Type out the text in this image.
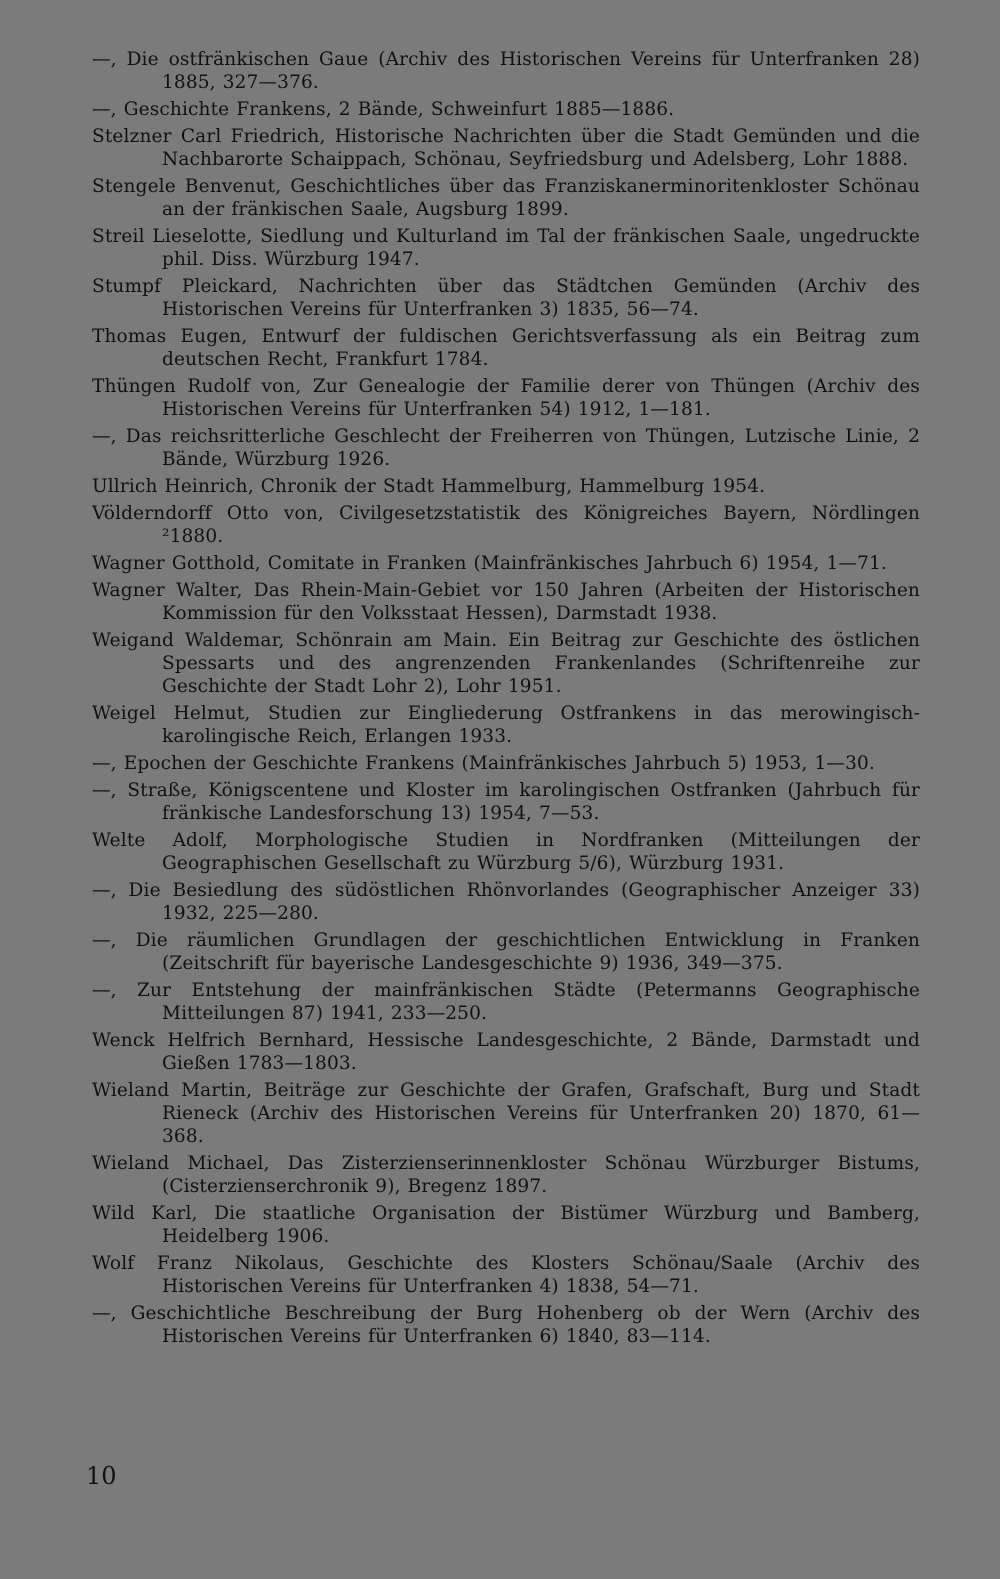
—, Die ostfränkischen Gaue (Archiv des Historischen Vereins für Unterfranken 28) 1885, 327—376.
—, Geschichte Frankens, 2 Bände, Schweinfurt 1885—1886.
Stelzner Carl Friedrich, Historische Nachrichten über die Stadt Gemünden und die Nachbarorte Schaippach, Schönau, Seyfriedsburg und Adelsberg, Lohr 1888.
Stengele Benvenut, Geschichtliches über das Franziskanerminoritenkloster Schönau an der fränkischen Saale, Augsburg 1899.
Streil Lieselotte, Siedlung und Kulturland im Tal der fränkischen Saale, ungedruckte phil. Diss. Würzburg 1947.
Stumpf Pleickard, Nachrichten über das Städtchen Gemünden (Archiv des Historischen Vereins für Unterfranken 3) 1835, 56—74.
Thomas Eugen, Entwurf der fuldischen Gerichtsverfassung als ein Beitrag zum deutschen Recht, Frankfurt 1784.
Thüngen Rudolf von, Zur Genealogie der Familie derer von Thüngen (Archiv des Historischen Vereins für Unterfranken 54) 1912, 1—181.
—, Das reichsritterliche Geschlecht der Freiherren von Thüngen, Lutzische Linie, 2 Bände, Würzburg 1926.
Ullrich Heinrich, Chronik der Stadt Hammelburg, Hammelburg 1954.
Völderndorff Otto von, Civilgesetzstatistik des Königreiches Bayern, Nördlingen ²1880.
Wagner Gotthold, Comitate in Franken (Mainfränkisches Jahrbuch 6) 1954, 1—71.
Wagner Walter, Das Rhein-Main-Gebiet vor 150 Jahren (Arbeiten der Historischen Kommission für den Volksstaat Hessen), Darmstadt 1938.
Weigand Waldemar, Schönrain am Main. Ein Beitrag zur Geschichte des östlichen Spessarts und des angrenzenden Frankenlandes (Schriftenreihe zur Geschichte der Stadt Lohr 2), Lohr 1951.
Weigel Helmut, Studien zur Eingliederung Ostfrankens in das merowingisch-karolingische Reich, Erlangen 1933.
—, Epochen der Geschichte Frankens (Mainfränkisches Jahrbuch 5) 1953, 1—30.
—, Straße, Königscentene und Kloster im karolingischen Ostfranken (Jahrbuch für fränkische Landesforschung 13) 1954, 7—53.
Welte Adolf, Morphologische Studien in Nordfranken (Mitteilungen der Geographischen Gesellschaft zu Würzburg 5/6), Würzburg 1931.
—, Die Besiedlung des südöstlichen Rhönvorlandes (Geographischer Anzeiger 33) 1932, 225—280.
—, Die räumlichen Grundlagen der geschichtlichen Entwicklung in Franken (Zeitschrift für bayerische Landesgeschichte 9) 1936, 349—375.
—, Zur Entstehung der mainfränkischen Städte (Petermanns Geographische Mitteilungen 87) 1941, 233—250.
Wenck Helfrich Bernhard, Hessische Landesgeschichte, 2 Bände, Darmstadt und Gießen 1783—1803.
Wieland Martin, Beiträge zur Geschichte der Grafen, Grafschaft, Burg und Stadt Rieneck (Archiv des Historischen Vereins für Unterfranken 20) 1870, 61—368.
Wieland Michael, Das Zisterzienserinnenkloster Schönau Würzburger Bistums, (Cisterzienserchronik 9), Bregenz 1897.
Wild Karl, Die staatliche Organisation der Bistümer Würzburg und Bamberg, Heidelberg 1906.
Wolf Franz Nikolaus, Geschichte des Klosters Schönau/Saale (Archiv des Historischen Vereins für Unterfranken 4) 1838, 54—71.
—, Geschichtliche Beschreibung der Burg Hohenberg ob der Wern (Archiv des Historischen Vereins für Unterfranken 6) 1840, 83—114.
10
